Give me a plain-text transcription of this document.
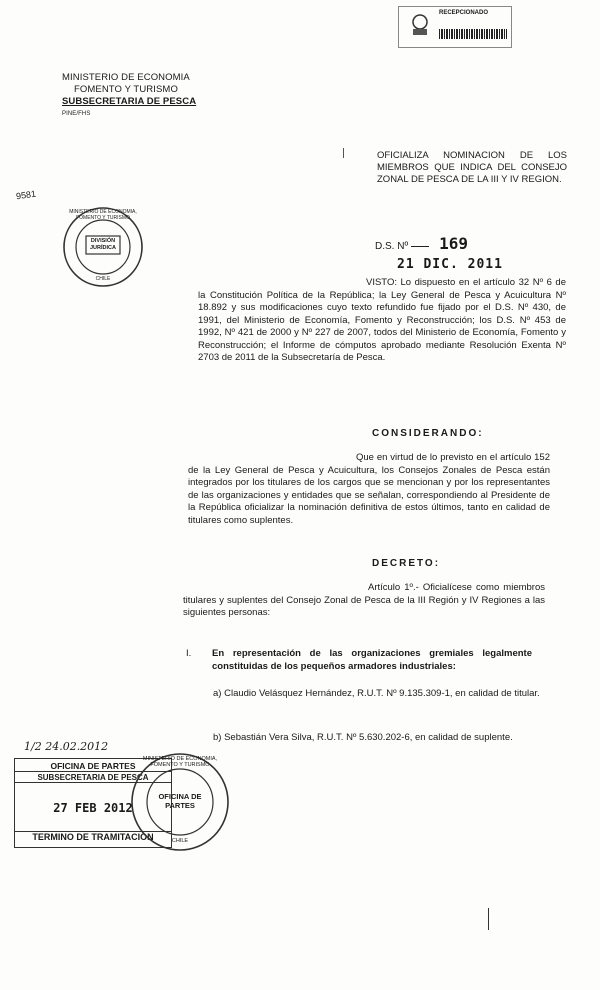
RECEPCIONADO
MINISTERIO DE ECONOMIA
FOMENTO Y TURISMO
SUBSECRETARIA DE PESCA
PINE/FHS
9581
MINISTERIO DE ECONOMIA, FOMENTO Y TURISMO
DIVISIÓN JURÍDICA
CHILE
OFICIALIZA NOMINACION DE LOS MIEMBROS QUE INDICA DEL CONSEJO ZONAL DE PESCA DE LA III Y IV REGION.
D.S. Nº 169
21 DIC. 2011
VISTO: Lo dispuesto en el artículo 32 Nº 6 de la Constitución Política de la República; la Ley General de Pesca y Acuicultura Nº 18.892 y sus modificaciones cuyo texto refundido fue fijado por el D.S. Nº 430, de 1991, del Ministerio de Economía, Fomento y Reconstrucción; los D.S. Nº 453 de 1992, Nº 421 de 2000 y Nº 227 de 2007, todos del Ministerio de Economía, Fomento y Reconstrucción; el Informe de cómputos aprobado mediante Resolución Exenta Nº 2703 de 2011 de la Subsecretaría de Pesca.
CONSIDERANDO:
Que en virtud de lo previsto en el artículo 152 de la Ley General de Pesca y Acuicultura, los Consejos Zonales de Pesca están integrados por los titulares de los cargos que se mencionan y por los representantes de las organizaciones y entidades que se señalan, correspondiendo al Presidente de la República oficializar la nominación definitiva de estos últimos, tanto en calidad de titulares como suplentes.
DECRETO:
Artículo 1º.- Oficialícese como miembros titulares y suplentes del Consejo Zonal de Pesca de la III Región y IV Regiones a las siguientes personas:
I. En representación de las organizaciones gremiales legalmente constituidas de los pequeños armadores industriales:
a) Claudio Velásquez Hernández, R.U.T. Nº 9.135.309-1, en calidad de titular.
b) Sebastián Vera Silva, R.U.T. Nº 5.630.202-6, en calidad de suplente.
1/2 24.02.2012
OFICINA DE PARTES
SUBSECRETARIA DE PESCA
27 FEB 2012
TERMINO DE TRAMITACION
MINISTERIO DE ECONOMIA, FOMENTO Y TURISMO
OFICINA DE PARTES
CHILE
